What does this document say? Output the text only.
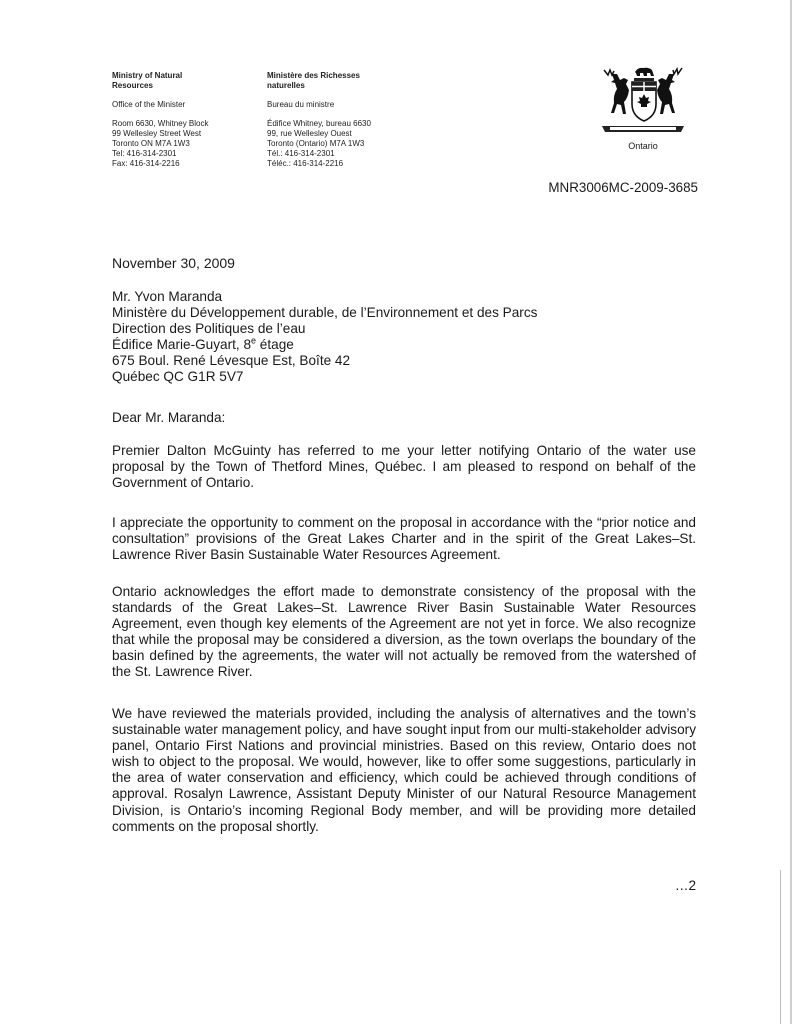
Ministry of Natural
Resources
Office of the Minister
Room 6630, Whitney Block
99 Wellesley Street West
Toronto ON M7A 1W3
Tel: 416-314-2301
Fax: 416-314-2216
Ministère des Richesses
naturelles
Bureau du ministre
Édifice Whitney, bureau 6630
99, rue Wellesley Ouest
Toronto (Ontario) M7A 1W3
Tél.: 416-314-2301
Téléc.: 416-314-2216
Ontario
MNR3006MC-2009-3685
November 30, 2009
Mr. Yvon Maranda
Ministère du Développement durable, de l’Environnement et des Parcs
Direction des Politiques de l’eau
Édifice Marie-Guyart, 8e étage
675 Boul. René Lévesque Est, Boîte 42
Québec QC G1R 5V7
Dear Mr. Maranda:
Premier Dalton McGuinty has referred to me your letter notifying Ontario of the water use proposal by the Town of Thetford Mines, Québec. I am pleased to respond on behalf of the Government of Ontario.
I appreciate the opportunity to comment on the proposal in accordance with the “prior notice and consultation” provisions of the Great Lakes Charter and in the spirit of the Great Lakes–St. Lawrence River Basin Sustainable Water Resources Agreement.
Ontario acknowledges the effort made to demonstrate consistency of the proposal with the standards of the Great Lakes–St. Lawrence River Basin Sustainable Water Resources Agreement, even though key elements of the Agreement are not yet in force. We also recognize that while the proposal may be considered a diversion, as the town overlaps the boundary of the basin defined by the agreements, the water will not actually be removed from the watershed of the St. Lawrence River.
We have reviewed the materials provided, including the analysis of alternatives and the town’s sustainable water management policy, and have sought input from our multi-stakeholder advisory panel, Ontario First Nations and provincial ministries. Based on this review, Ontario does not wish to object to the proposal. We would, however, like to offer some suggestions, particularly in the area of water conservation and efficiency, which could be achieved through conditions of approval. Rosalyn Lawrence, Assistant Deputy Minister of our Natural Resource Management Division, is Ontario’s incoming Regional Body member, and will be providing more detailed comments on the proposal shortly.
…2
